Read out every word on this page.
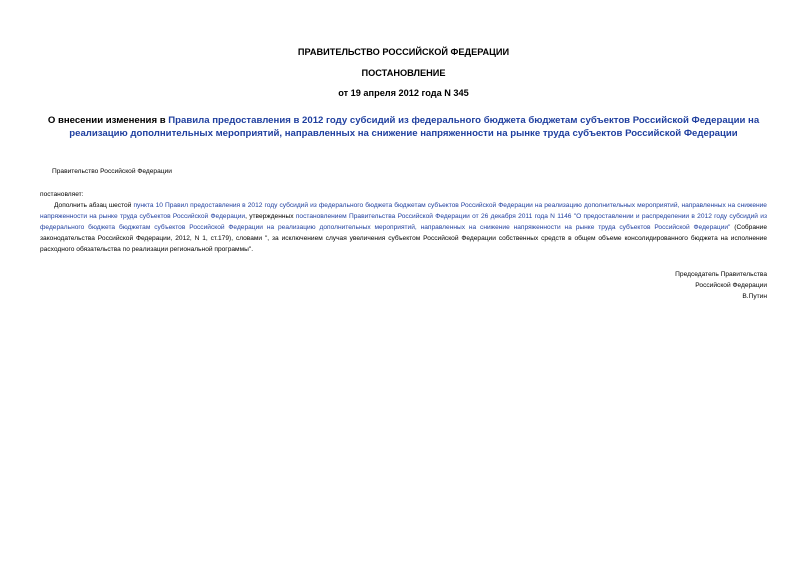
ПРАВИТЕЛЬСТВО РОССИЙСКОЙ ФЕДЕРАЦИИ
ПОСТАНОВЛЕНИЕ
от 19 апреля 2012 года N 345
О внесении изменения в Правила предоставления в 2012 году субсидий из федерального бюджета бюджетам субъектов Российской Федерации на реализацию дополнительных мероприятий, направленных на снижение напряженности на рынке труда субъектов Российской Федерации
Правительство Российской Федерации
постановляет:
Дополнить абзац шестой пункта 10 Правил предоставления в 2012 году субсидий из федерального бюджета бюджетам субъектов Российской Федерации на реализацию дополнительных мероприятий, направленных на снижение напряженности на рынке труда субъектов Российской Федерации, утвержденных постановлением Правительства Российской Федерации от 26 декабря 2011 года N 1146 "О предоставлении и распределении в 2012 году субсидий из федерального бюджета бюджетам субъектов Российской Федерации на реализацию дополнительных мероприятий, направленных на снижение напряженности на рынке труда субъектов Российской Федерации" (Собрание законодательства Российской Федерации, 2012, N 1, ст.179), словами ", за исключением случая увеличения субъектом Российской Федерации собственных средств в общем объеме консолидированного бюджета на исполнение расходного обязательства по реализации региональной программы".
Председатель Правительства
Российской Федерации
В.Путин
